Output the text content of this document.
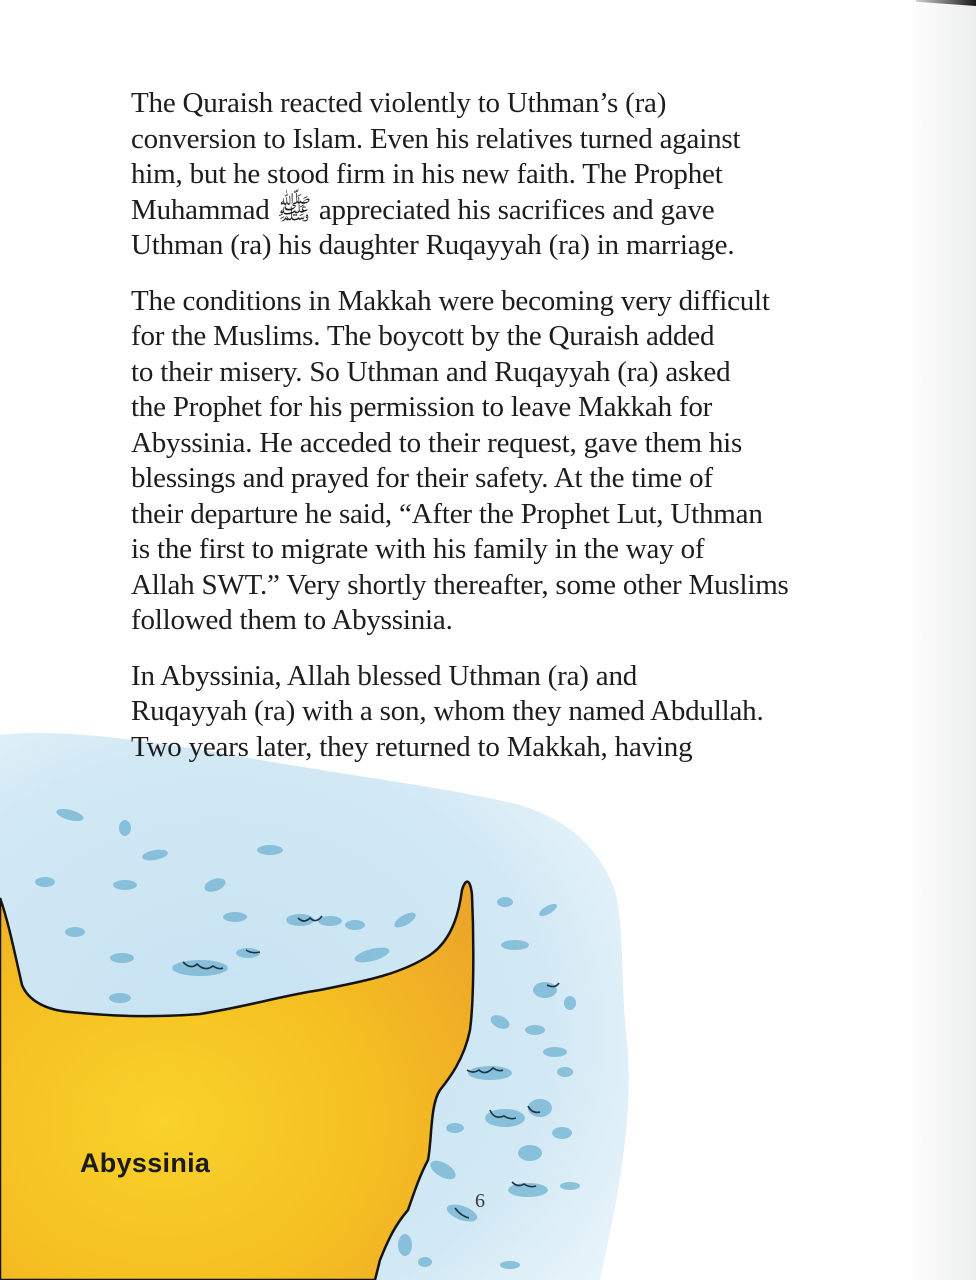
The Quraish reacted violently to Uthman’s (ra)
conversion to Islam. Even his relatives turned against
him, but he stood firm in his new faith. The Prophet
Muhammad ﷺ appreciated his sacrifices and gave
Uthman (ra) his daughter Ruqayyah (ra) in marriage.

The conditions in Makkah were becoming very difficult
for the Muslims. The boycott by the Quraish added
to their misery. So Uthman and Ruqayyah (ra) asked
the Prophet for his permission to leave Makkah for
Abyssinia. He acceded to their request, gave them his
blessings and prayed for their safety. At the time of
their departure he said, “After the Prophet Lut, Uthman
is the first to migrate with his family in the way of
Allah SWT.” Very shortly thereafter, some other Muslims
followed them to Abyssinia.

In Abyssinia, Allah blessed Uthman (ra) and
Ruqayyah (ra) with a son, whom they named Abdullah.
Two years later, they returned to Makkah, having

Abyssinia
6
